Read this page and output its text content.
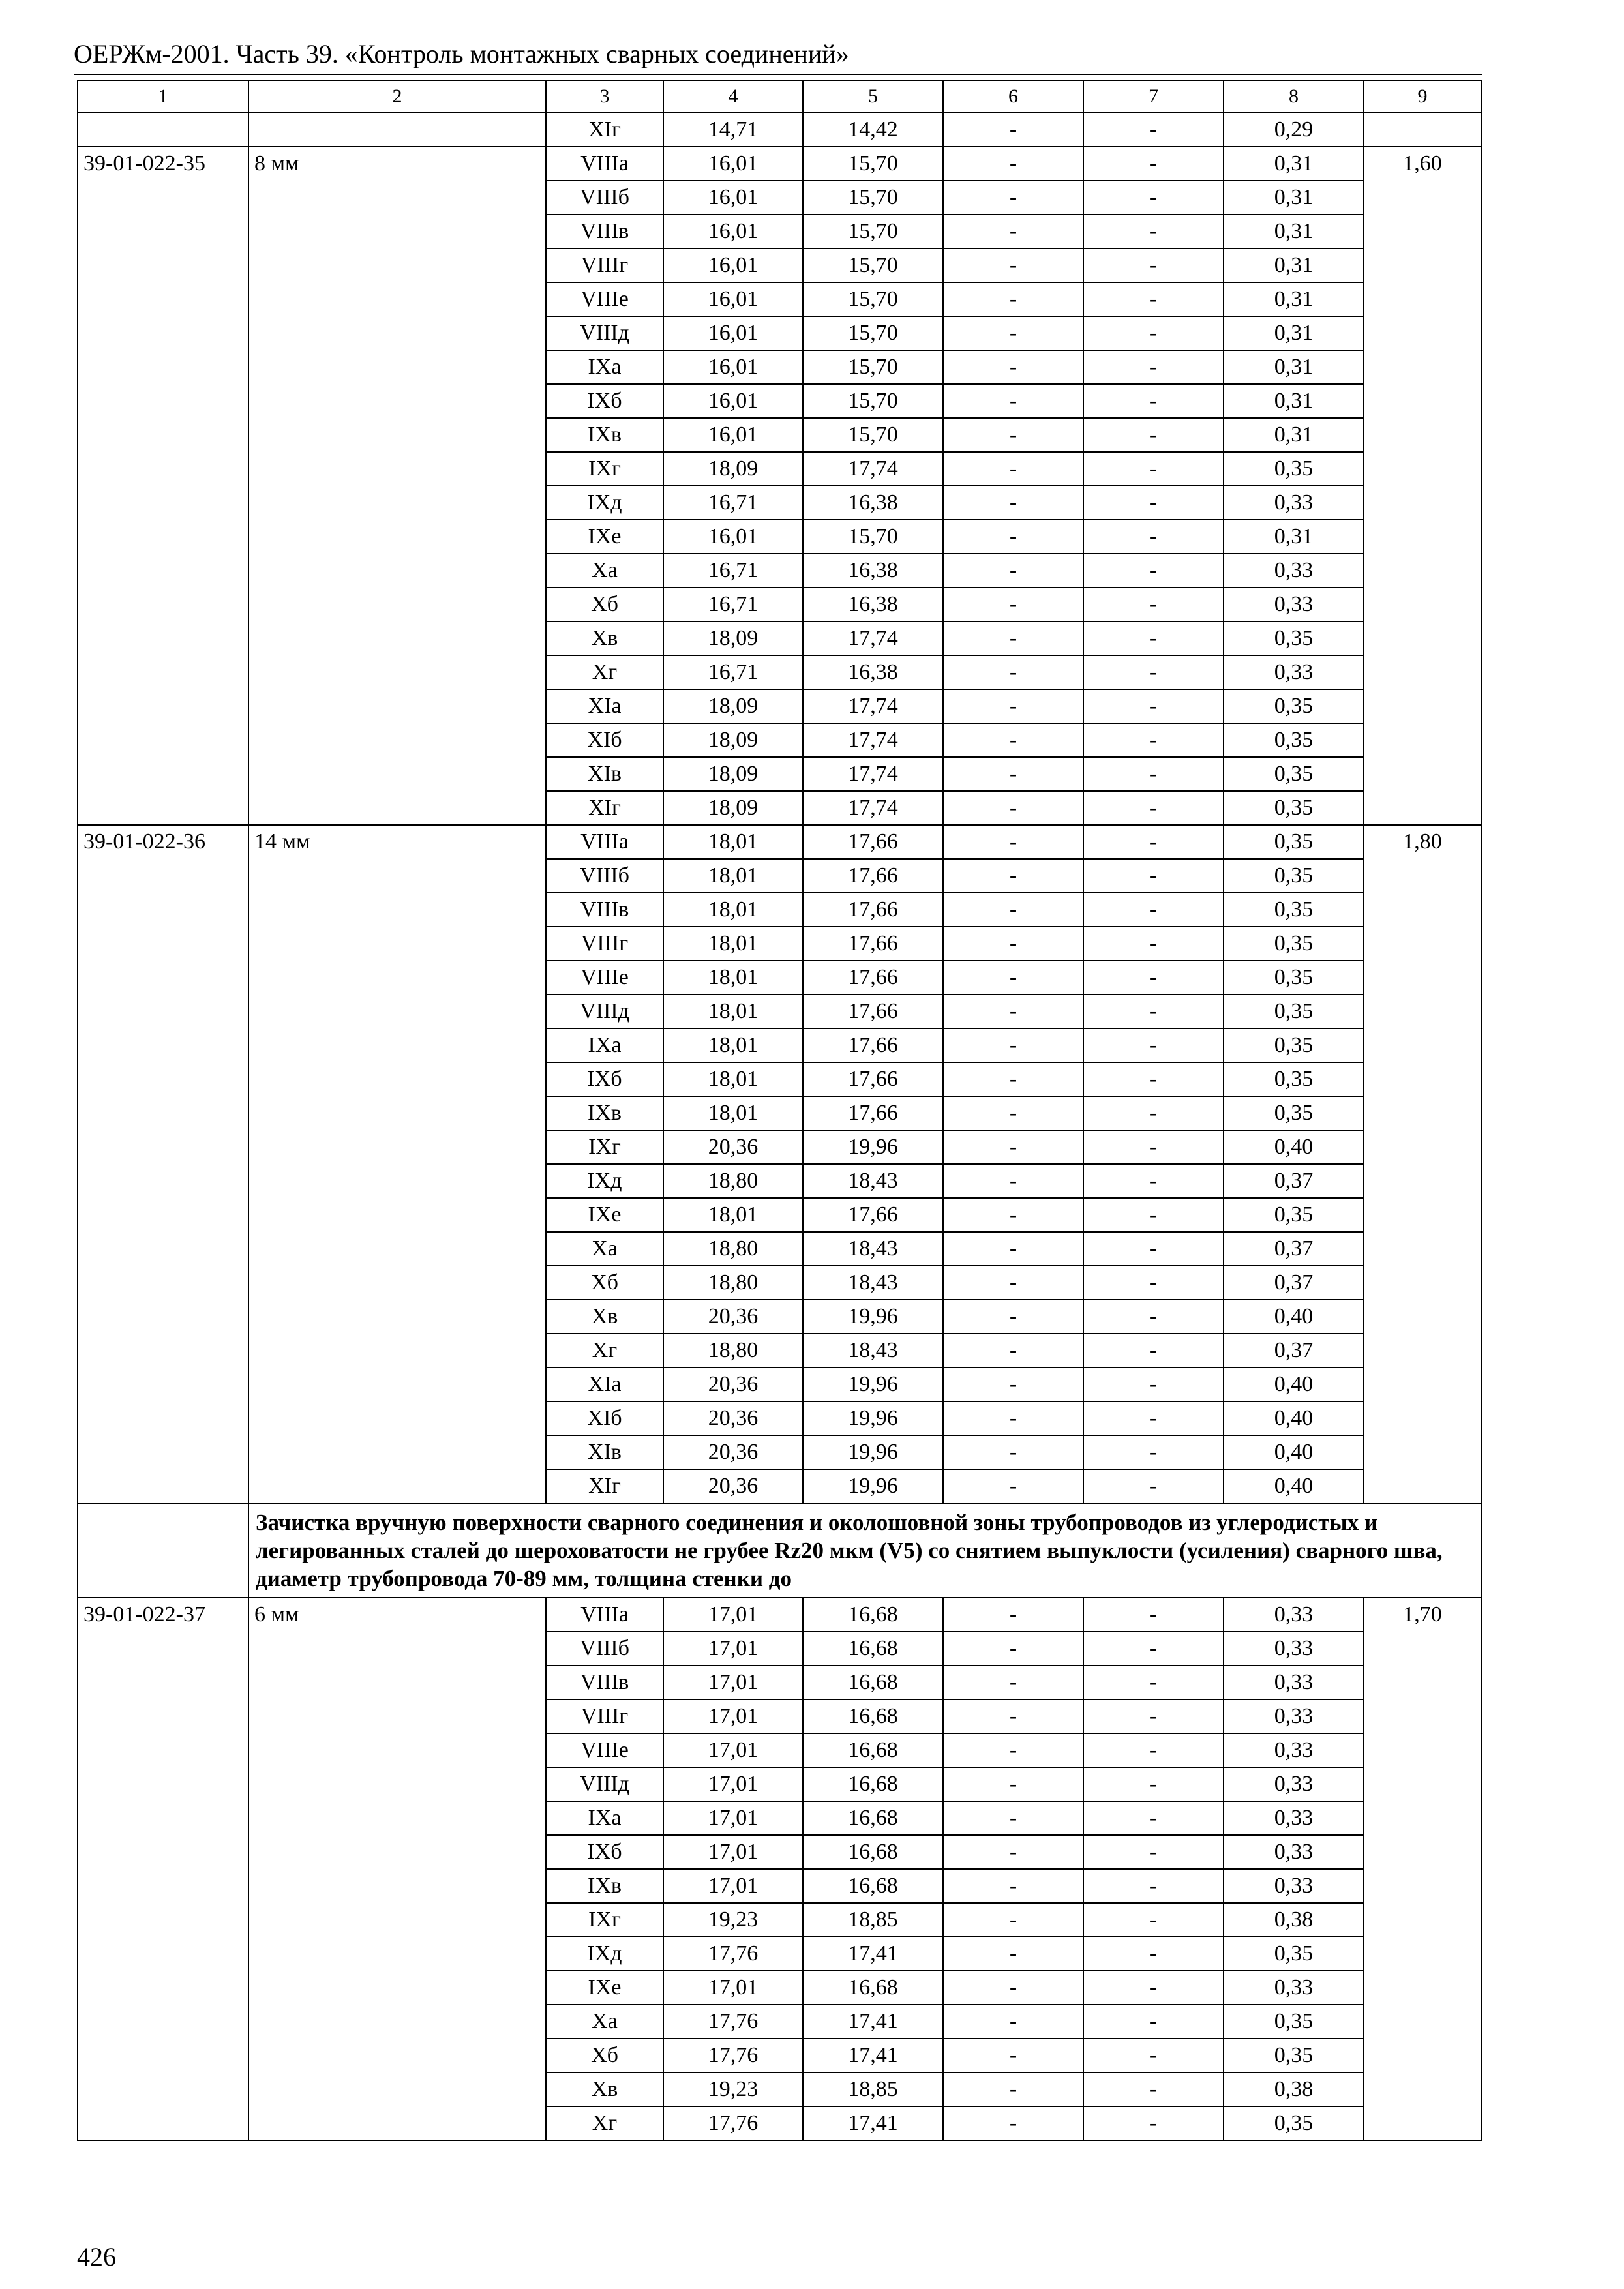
ОЕРЖм-2001. Часть 39. «Контроль монтажных сварных соединений»
1	2	3	4	5	6	7	8	9
		XIг	14,71	14,42	-	-	0,29	
39-01-022-35	8 мм	VIIIа	16,01	15,70	-	-	0,31	1,60
		VIIIб	16,01	15,70	-	-	0,31	
		VIIIв	16,01	15,70	-	-	0,31	
		VIIIг	16,01	15,70	-	-	0,31	
		VIIIе	16,01	15,70	-	-	0,31	
		VIIIд	16,01	15,70	-	-	0,31	
		IXа	16,01	15,70	-	-	0,31	
		IXб	16,01	15,70	-	-	0,31	
		IXв	16,01	15,70	-	-	0,31	
		IXг	18,09	17,74	-	-	0,35	
		IXд	16,71	16,38	-	-	0,33	
		IXе	16,01	15,70	-	-	0,31	
		Xа	16,71	16,38	-	-	0,33	
		Xб	16,71	16,38	-	-	0,33	
		Xв	18,09	17,74	-	-	0,35	
		Xг	16,71	16,38	-	-	0,33	
		XIа	18,09	17,74	-	-	0,35	
		XIб	18,09	17,74	-	-	0,35	
		XIв	18,09	17,74	-	-	0,35	
		XIг	18,09	17,74	-	-	0,35	
39-01-022-36	14 мм	VIIIа	18,01	17,66	-	-	0,35	1,80
		VIIIб	18,01	17,66	-	-	0,35	
		VIIIв	18,01	17,66	-	-	0,35	
		VIIIг	18,01	17,66	-	-	0,35	
		VIIIе	18,01	17,66	-	-	0,35	
		VIIIд	18,01	17,66	-	-	0,35	
		IXа	18,01	17,66	-	-	0,35	
		IXб	18,01	17,66	-	-	0,35	
		IXв	18,01	17,66	-	-	0,35	
		IXг	20,36	19,96	-	-	0,40	
		IXд	18,80	18,43	-	-	0,37	
		IXе	18,01	17,66	-	-	0,35	
		Xа	18,80	18,43	-	-	0,37	
		Xб	18,80	18,43	-	-	0,37	
		Xв	20,36	19,96	-	-	0,40	
		Xг	18,80	18,43	-	-	0,37	
		XIа	20,36	19,96	-	-	0,40	
		XIб	20,36	19,96	-	-	0,40	
		XIв	20,36	19,96	-	-	0,40	
		XIг	20,36	19,96	-	-	0,40	
	Зачистка вручную поверхности сварного соединения и околошовной зоны трубопроводов из углеродистых и легированных сталей до шероховатости не грубее Rz20 мкм (V5) со снятием выпуклости (усиления) сварного шва, диаметр трубопровода 70-89 мм, толщина стенки до							
39-01-022-37	6 мм	VIIIа	17,01	16,68	-	-	0,33	1,70
		VIIIб	17,01	16,68	-	-	0,33	
		VIIIв	17,01	16,68	-	-	0,33	
		VIIIг	17,01	16,68	-	-	0,33	
		VIIIе	17,01	16,68	-	-	0,33	
		VIIIд	17,01	16,68	-	-	0,33	
		IXа	17,01	16,68	-	-	0,33	
		IXб	17,01	16,68	-	-	0,33	
		IXв	17,01	16,68	-	-	0,33	
		IXг	19,23	18,85	-	-	0,38	
		IXд	17,76	17,41	-	-	0,35	
		IXе	17,01	16,68	-	-	0,33	
		Xа	17,76	17,41	-	-	0,35	
		Xб	17,76	17,41	-	-	0,35	
		Xв	19,23	18,85	-	-	0,38	
		Xг	17,76	17,41	-	-	0,35	
426
